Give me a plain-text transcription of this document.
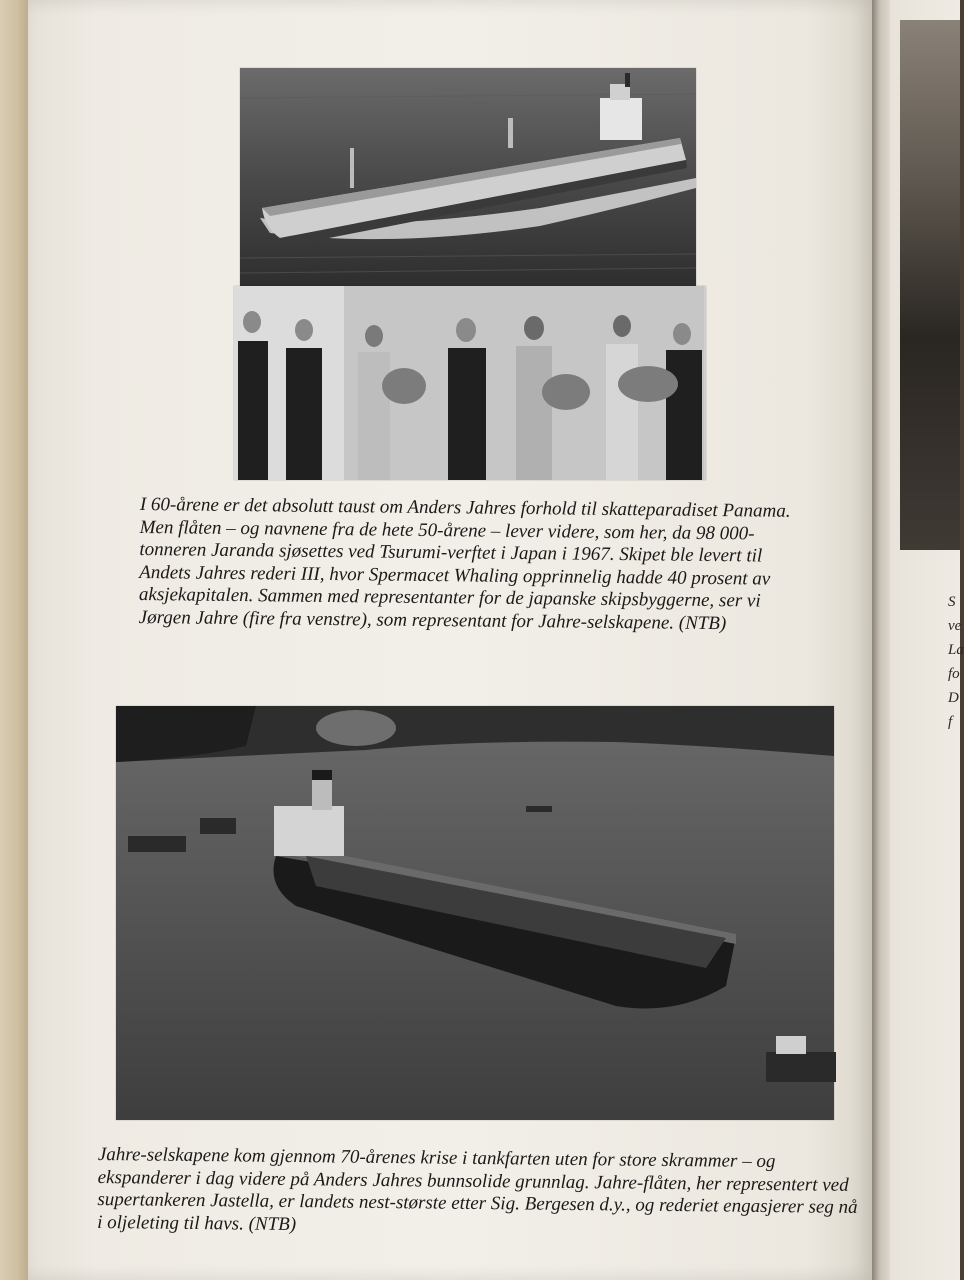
I 60-årene er det absolutt taust om Anders Jahres forhold til skatteparadiset Panama. Men flåten – og navnene fra de hete 50-årene – lever videre, som her, da 98 000-tonneren Jaranda sjøsettes ved Tsurumi-verftet i Japan i 1967. Skipet ble levert til Andets Jahres rederi III, hvor Spermacet Whaling opprinnelig hadde 40 prosent av aksjekapitalen. Sammen med representanter for de japanske skipsbyggerne, ser vi Jørgen Jahre (fire fra venstre), som representant for Jahre-selskapene. (NTB)

Jahre-selskapene kom gjennom 70-årenes krise i tankfarten uten for store skrammer – og ekspanderer i dag videre på Anders Jahres bunnsolide grunnlag. Jahre-flåten, her representert ved supertankeren Jastella, er landets nest-største etter Sig. Bergesen d.y., og rederiet engasjerer seg nå i oljeleting til havs. (NTB)

S
ve
La
fo
D
f
